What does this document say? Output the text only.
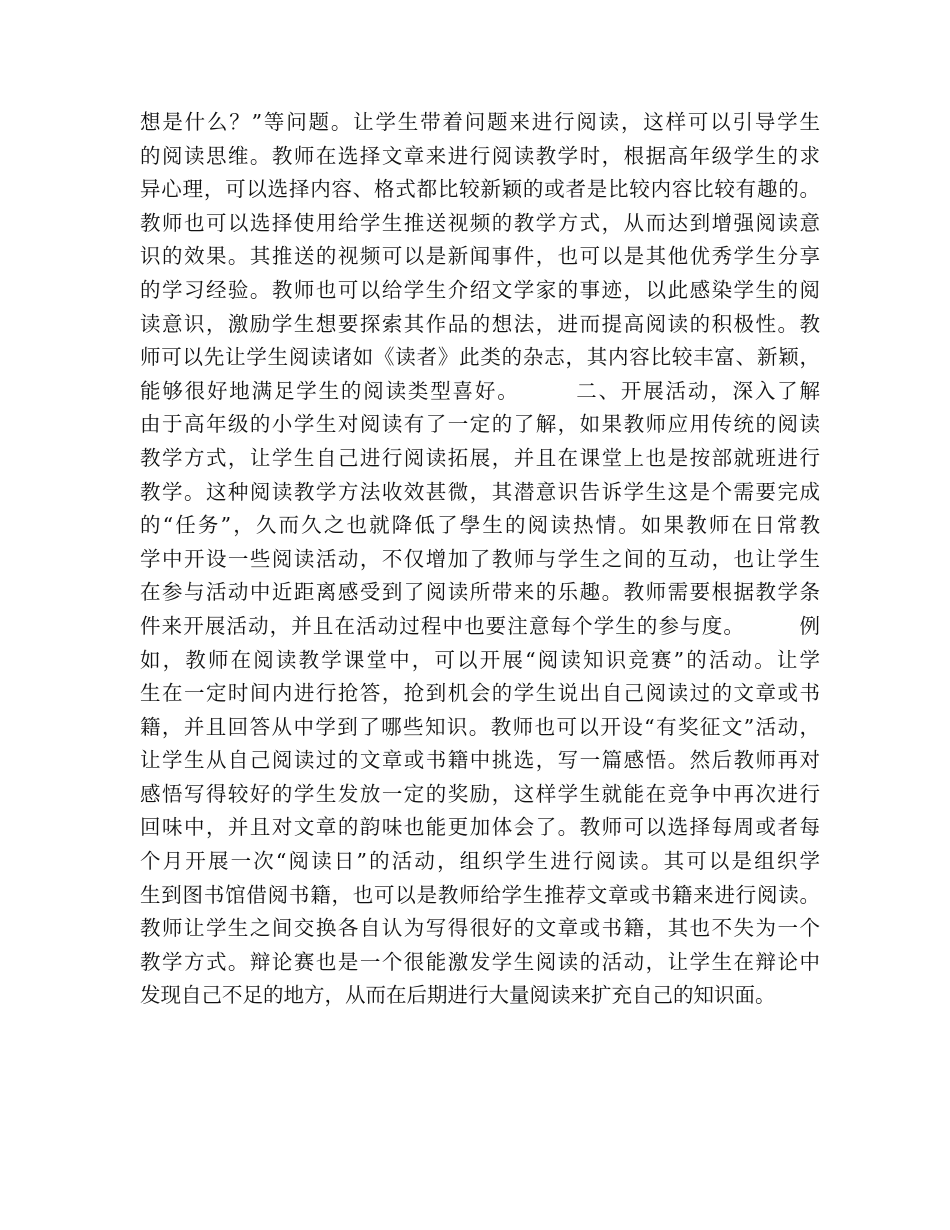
想是什么？”等问题。让学生带着问题来进行阅读，这样可以引导学生
的阅读思维。教师在选择文章来进行阅读教学时，根据高年级学生的求
异心理，可以选择内容、格式都比较新颖的或者是比较内容比较有趣的。
教师也可以选择使用给学生推送视频的教学方式，从而达到增强阅读意
识的效果。其推送的视频可以是新闻事件，也可以是其他优秀学生分享
的学习经验。教师也可以给学生介绍文学家的事迹，以此感染学生的阅
读意识，激励学生想要探索其作品的想法，进而提高阅读的积极性。教
师可以先让学生阅读诸如《读者》此类的杂志，其内容比较丰富、新颖，
能够很好地满足学生的阅读类型喜好。　　　二、开展活动，深入了解
由于高年级的小学生对阅读有了一定的了解，如果教师应用传统的阅读
教学方式，让学生自己进行阅读拓展，并且在课堂上也是按部就班进行
教学。这种阅读教学方法收效甚微，其潜意识告诉学生这是个需要完成
的“任务”，久而久之也就降低了學生的阅读热情。如果教师在日常教
学中开设一些阅读活动，不仅增加了教师与学生之间的互动，也让学生
在参与活动中近距离感受到了阅读所带来的乐趣。教师需要根据教学条
件来开展活动，并且在活动过程中也要注意每个学生的参与度。　　　例
如，教师在阅读教学课堂中，可以开展“阅读知识竞赛”的活动。让学
生在一定时间内进行抢答，抢到机会的学生说出自己阅读过的文章或书
籍，并且回答从中学到了哪些知识。教师也可以开设“有奖征文”活动，
让学生从自己阅读过的文章或书籍中挑选，写一篇感悟。然后教师再对
感悟写得较好的学生发放一定的奖励，这样学生就能在竞争中再次进行
回味中，并且对文章的韵味也能更加体会了。教师可以选择每周或者每
个月开展一次“阅读日”的活动，组织学生进行阅读。其可以是组织学
生到图书馆借阅书籍，也可以是教师给学生推荐文章或书籍来进行阅读。
教师让学生之间交换各自认为写得很好的文章或书籍，其也不失为一个
教学方式。辩论赛也是一个很能激发学生阅读的活动，让学生在辩论中
发现自己不足的地方，从而在后期进行大量阅读来扩充自己的知识面。
